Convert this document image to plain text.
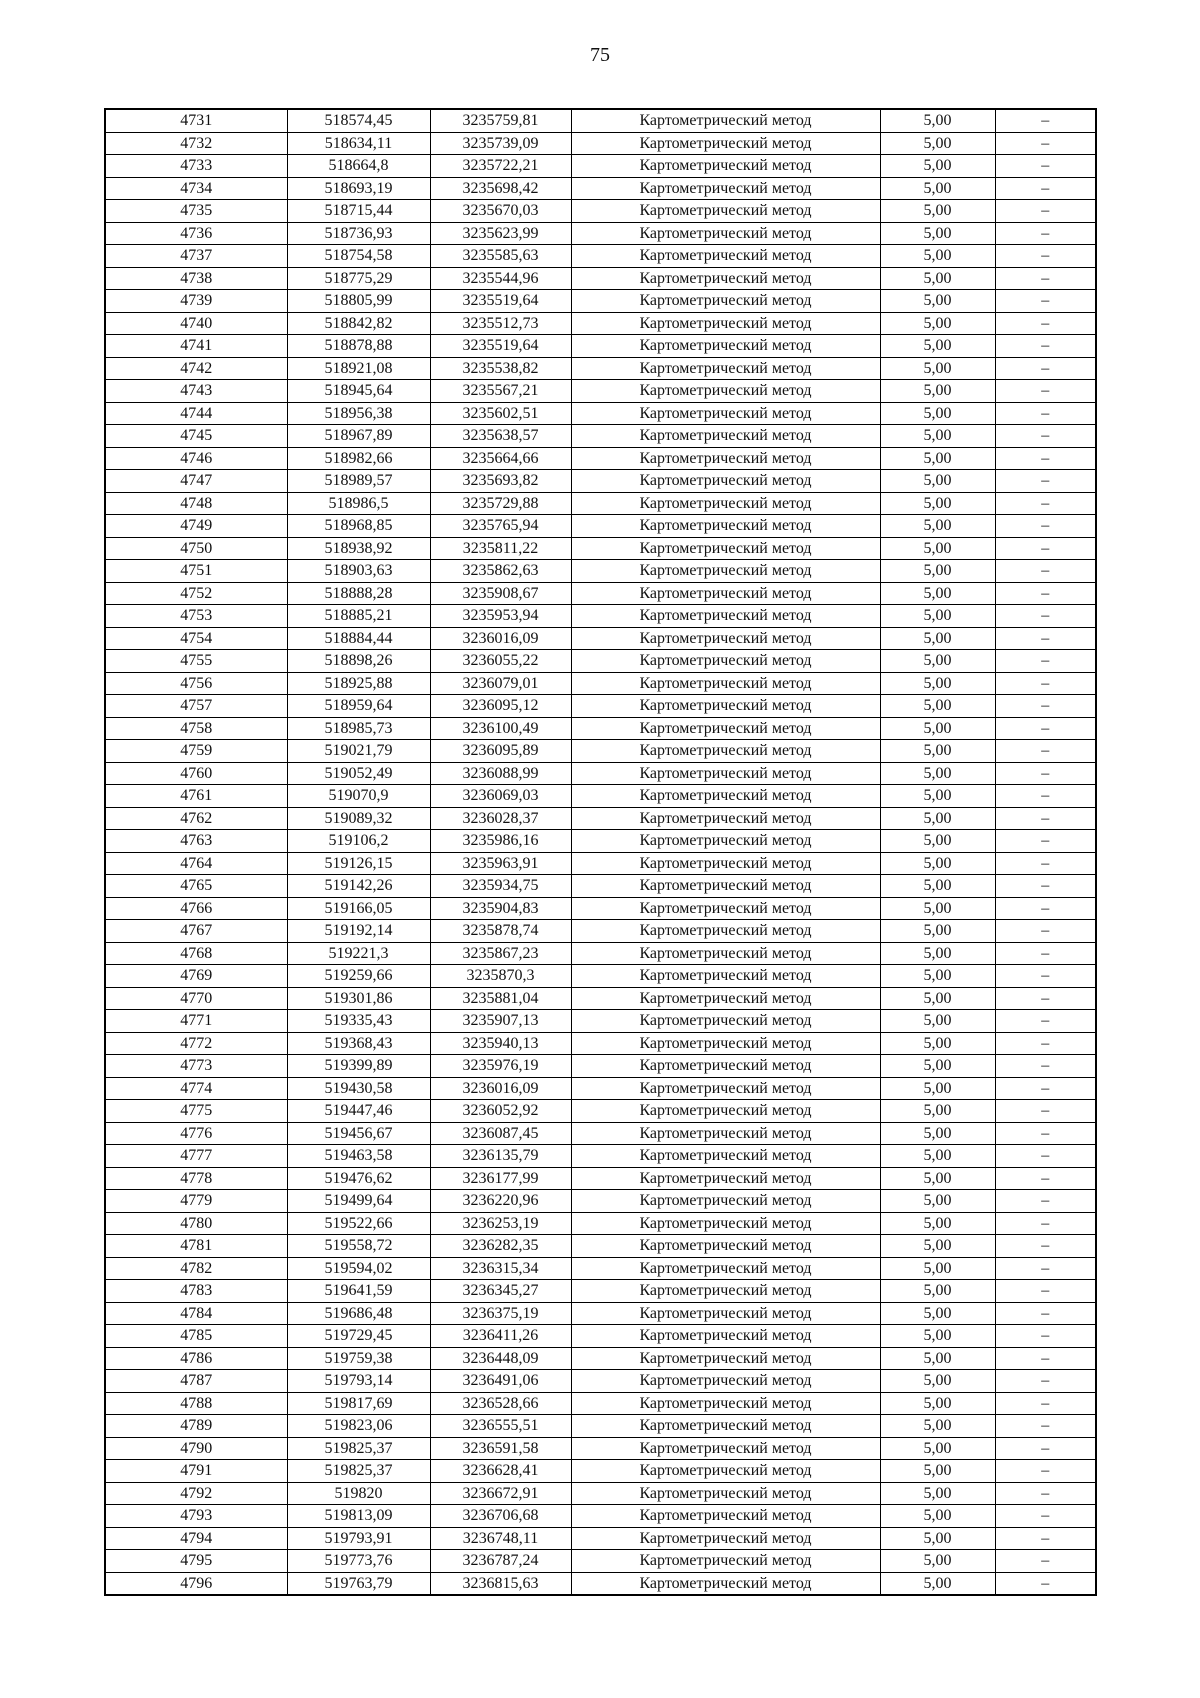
75
4731	518574,45	3235759,81	Картометрический метод	5,00	–
4732	518634,11	3235739,09	Картометрический метод	5,00	–
4733	518664,8	3235722,21	Картометрический метод	5,00	–
4734	518693,19	3235698,42	Картометрический метод	5,00	–
4735	518715,44	3235670,03	Картометрический метод	5,00	–
4736	518736,93	3235623,99	Картометрический метод	5,00	–
4737	518754,58	3235585,63	Картометрический метод	5,00	–
4738	518775,29	3235544,96	Картометрический метод	5,00	–
4739	518805,99	3235519,64	Картометрический метод	5,00	–
4740	518842,82	3235512,73	Картометрический метод	5,00	–
4741	518878,88	3235519,64	Картометрический метод	5,00	–
4742	518921,08	3235538,82	Картометрический метод	5,00	–
4743	518945,64	3235567,21	Картометрический метод	5,00	–
4744	518956,38	3235602,51	Картометрический метод	5,00	–
4745	518967,89	3235638,57	Картометрический метод	5,00	–
4746	518982,66	3235664,66	Картометрический метод	5,00	–
4747	518989,57	3235693,82	Картометрический метод	5,00	–
4748	518986,5	3235729,88	Картометрический метод	5,00	–
4749	518968,85	3235765,94	Картометрический метод	5,00	–
4750	518938,92	3235811,22	Картометрический метод	5,00	–
4751	518903,63	3235862,63	Картометрический метод	5,00	–
4752	518888,28	3235908,67	Картометрический метод	5,00	–
4753	518885,21	3235953,94	Картометрический метод	5,00	–
4754	518884,44	3236016,09	Картометрический метод	5,00	–
4755	518898,26	3236055,22	Картометрический метод	5,00	–
4756	518925,88	3236079,01	Картометрический метод	5,00	–
4757	518959,64	3236095,12	Картометрический метод	5,00	–
4758	518985,73	3236100,49	Картометрический метод	5,00	–
4759	519021,79	3236095,89	Картометрический метод	5,00	–
4760	519052,49	3236088,99	Картометрический метод	5,00	–
4761	519070,9	3236069,03	Картометрический метод	5,00	–
4762	519089,32	3236028,37	Картометрический метод	5,00	–
4763	519106,2	3235986,16	Картометрический метод	5,00	–
4764	519126,15	3235963,91	Картометрический метод	5,00	–
4765	519142,26	3235934,75	Картометрический метод	5,00	–
4766	519166,05	3235904,83	Картометрический метод	5,00	–
4767	519192,14	3235878,74	Картометрический метод	5,00	–
4768	519221,3	3235867,23	Картометрический метод	5,00	–
4769	519259,66	3235870,3	Картометрический метод	5,00	–
4770	519301,86	3235881,04	Картометрический метод	5,00	–
4771	519335,43	3235907,13	Картометрический метод	5,00	–
4772	519368,43	3235940,13	Картометрический метод	5,00	–
4773	519399,89	3235976,19	Картометрический метод	5,00	–
4774	519430,58	3236016,09	Картометрический метод	5,00	–
4775	519447,46	3236052,92	Картометрический метод	5,00	–
4776	519456,67	3236087,45	Картометрический метод	5,00	–
4777	519463,58	3236135,79	Картометрический метод	5,00	–
4778	519476,62	3236177,99	Картометрический метод	5,00	–
4779	519499,64	3236220,96	Картометрический метод	5,00	–
4780	519522,66	3236253,19	Картометрический метод	5,00	–
4781	519558,72	3236282,35	Картометрический метод	5,00	–
4782	519594,02	3236315,34	Картометрический метод	5,00	–
4783	519641,59	3236345,27	Картометрический метод	5,00	–
4784	519686,48	3236375,19	Картометрический метод	5,00	–
4785	519729,45	3236411,26	Картометрический метод	5,00	–
4786	519759,38	3236448,09	Картометрический метод	5,00	–
4787	519793,14	3236491,06	Картометрический метод	5,00	–
4788	519817,69	3236528,66	Картометрический метод	5,00	–
4789	519823,06	3236555,51	Картометрический метод	5,00	–
4790	519825,37	3236591,58	Картометрический метод	5,00	–
4791	519825,37	3236628,41	Картометрический метод	5,00	–
4792	519820	3236672,91	Картометрический метод	5,00	–
4793	519813,09	3236706,68	Картометрический метод	5,00	–
4794	519793,91	3236748,11	Картометрический метод	5,00	–
4795	519773,76	3236787,24	Картометрический метод	5,00	–
4796	519763,79	3236815,63	Картометрический метод	5,00	–
